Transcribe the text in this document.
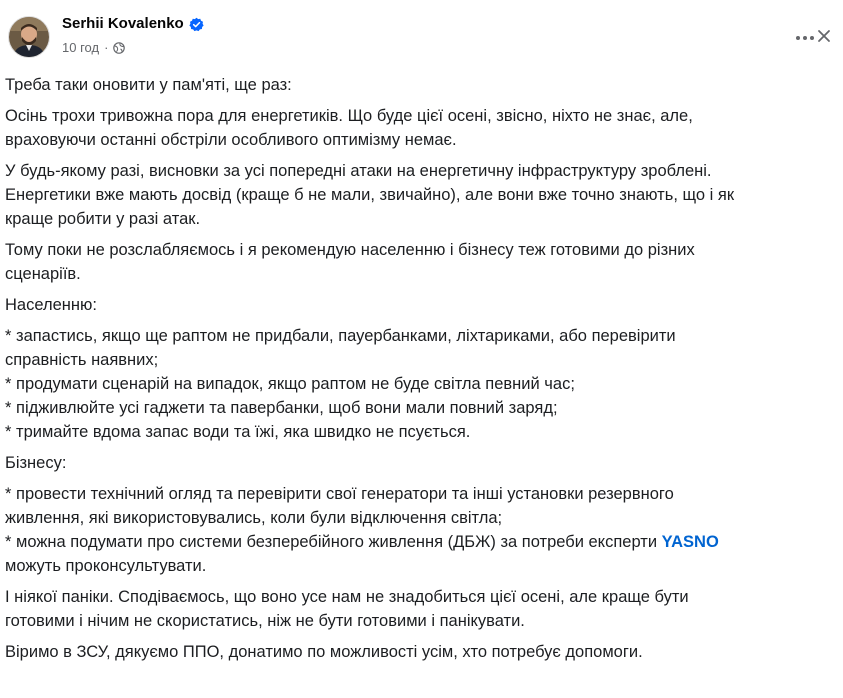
Serhii Kovalenko
10 год ·
Треба таки оновити у пам'яті, ще раз:
Осінь трохи тривожна пора для енергетиків. Що буде цієї осені, звісно, ніхто не знає, але,
враховуючи останні обстріли особливого оптимізму немає.
У будь-якому разі, висновки за усі попередні атаки на енергетичну інфраструктуру зроблені.
Енергетики вже мають досвід (краще б не мали, звичайно), але вони вже точно знають, що і як
краще робити у разі атак.
Тому поки не розслабляємось і я рекомендую населенню і бізнесу теж готовими до різних
сценаріїв.
Населенню:
* запастись, якщо ще раптом не придбали, пауербанками, ліхтариками, або перевірити
справність наявних;
* продумати сценарій на випадок, якщо раптом не буде світла певний час;
* підживлюйте усі гаджети та павербанки, щоб вони мали повний заряд;
* тримайте вдома запас води та їжі, яка швидко не псується.
Бізнесу:
* провести технічний огляд та перевірити свої генератори та інші установки резервного
живлення, які використовувались, коли були відключення світла;
* можна подумати про системи безперебійного живлення (ДБЖ) за потреби експерти YASNO
можуть проконсультувати.
І ніякої паніки. Сподіваємось, що воно усе нам не знадобиться цієї осені, але краще бути
готовими і нічим не скористатись, ніж не бути готовими і панікувати.
Віримо в ЗСУ, дякуємо ППО, донатимо по можливості усім, хто потребує допомоги.
